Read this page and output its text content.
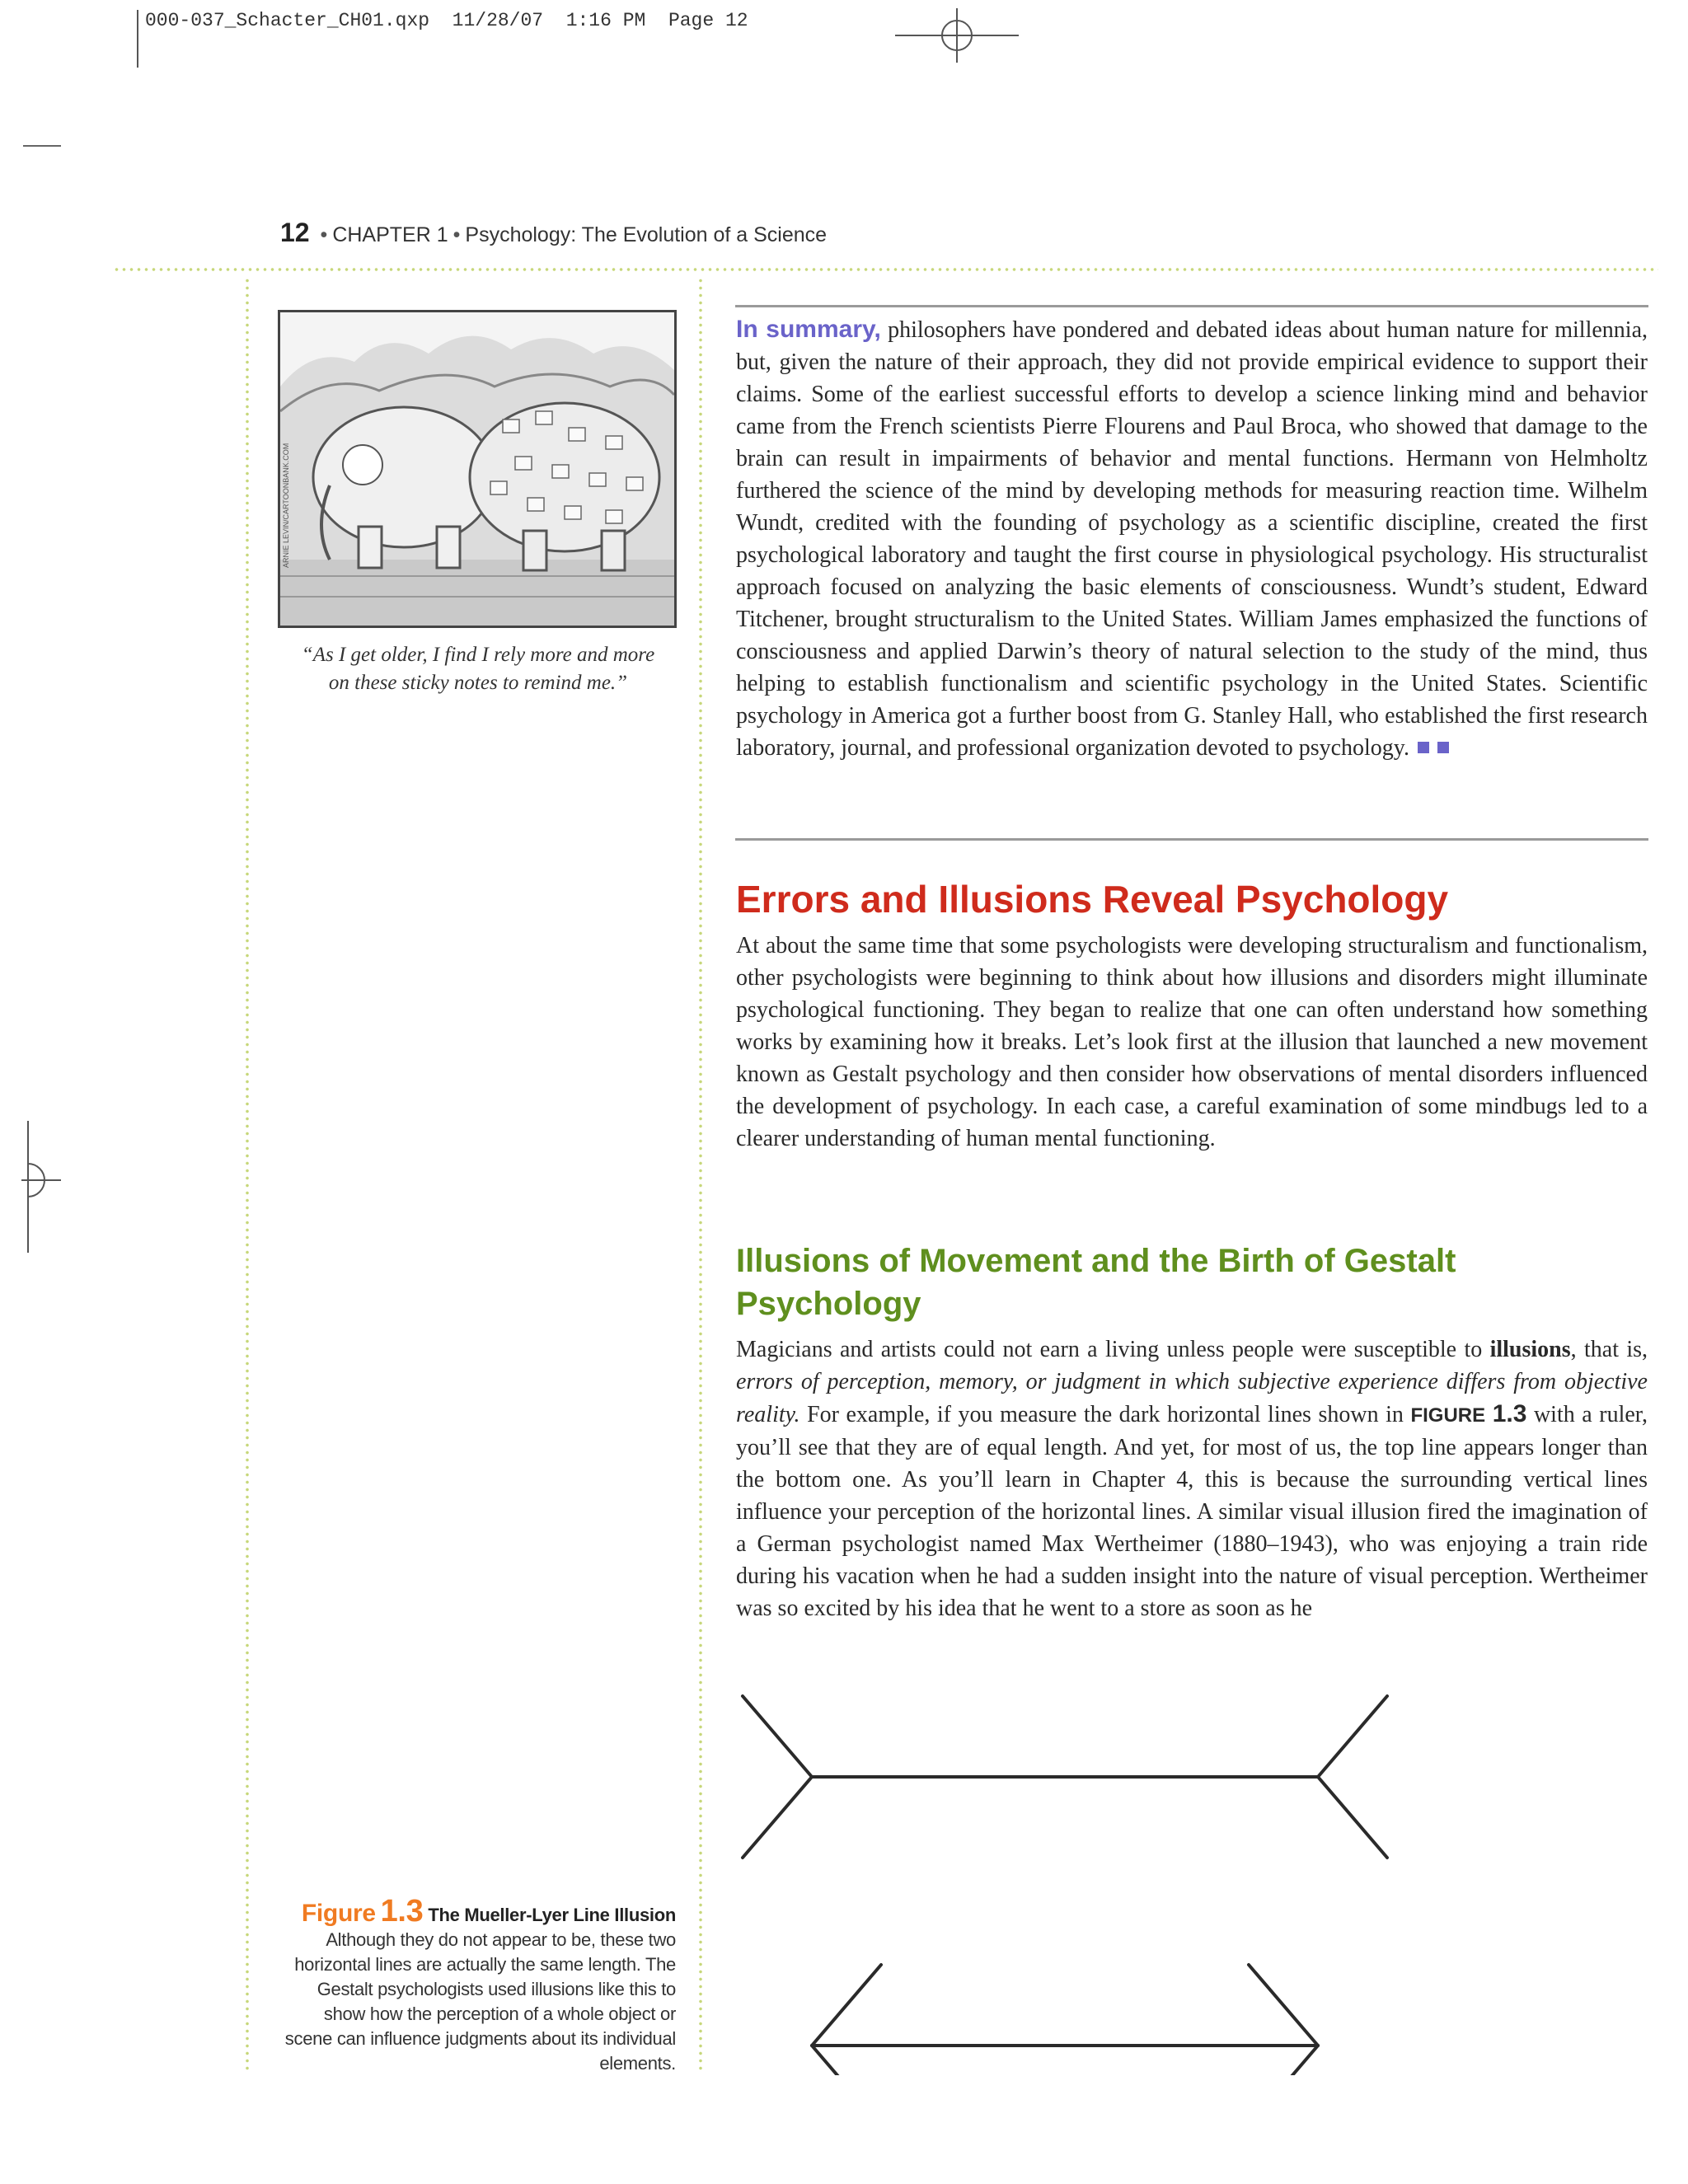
000-037_Schacter_CH01.qxp 11/28/07 1:16 PM Page 12
12 • CHAPTER 1 • Psychology: The Evolution of a Science
ARNIE LEVIN/CARTOONBANK.COM
“As I get older, I find I rely more and more
on these sticky notes to remind me.”
In summary, philosophers have pondered and debated ideas about human nature for millennia, but, given the nature of their approach, they did not provide empirical evidence to support their claims. Some of the earliest successful efforts to develop a science linking mind and behavior came from the French scientists Pierre Flourens and Paul Broca, who showed that damage to the brain can result in impairments of behavior and mental functions. Hermann von Helmholtz furthered the science of the mind by developing methods for measuring reaction time. Wilhelm Wundt, credited with the founding of psychology as a scientific discipline, created the first psychological laboratory and taught the first course in physiological psychology. His structuralist approach focused on analyzing the basic elements of consciousness. Wundt’s student, Edward Titchener, brought structuralism to the United States. William James emphasized the functions of consciousness and applied Darwin’s theory of natural selection to the study of the mind, thus helping to establish functionalism and scientific psychology in the United States. Scientific psychology in America got a further boost from G. Stanley Hall, who established the first research laboratory, journal, and professional organization devoted to psychology.
Errors and Illusions Reveal Psychology
At about the same time that some psychologists were developing structuralism and functionalism, other psychologists were beginning to think about how illusions and disorders might illuminate psychological functioning. They began to realize that one can often understand how something works by examining how it breaks. Let’s look first at the illusion that launched a new movement known as Gestalt psychology and then consider how observations of mental disorders influenced the development of psychology. In each case, a careful examination of some mindbugs led to a clearer understanding of human mental functioning.
Illusions of Movement and the Birth of Gestalt
Psychology
Magicians and artists could not earn a living unless people were susceptible to illusions, that is, errors of perception, memory, or judgment in which subjective experience differs from objective reality. For example, if you measure the dark horizontal lines shown in FIGURE 1.3 with a ruler, you’ll see that they are of equal length. And yet, for most of us, the top line appears longer than the bottom one. As you’ll learn in Chapter 4, this is because the surrounding vertical lines influence your perception of the horizontal lines. A similar visual illusion fired the imagination of a German psychologist named Max Wertheimer (1880–1943), who was enjoying a train ride during his vacation when he had a sudden insight into the nature of visual perception. Wertheimer was so excited by his idea that he went to a store as soon as he
Figure 1.3 The Mueller-Lyer Line Illusion Although they do not appear to be, these two horizontal lines are actually the same length. The Gestalt psychologists used illusions like this to show how the perception of a whole object or scene can influence judgments about its individual elements.
